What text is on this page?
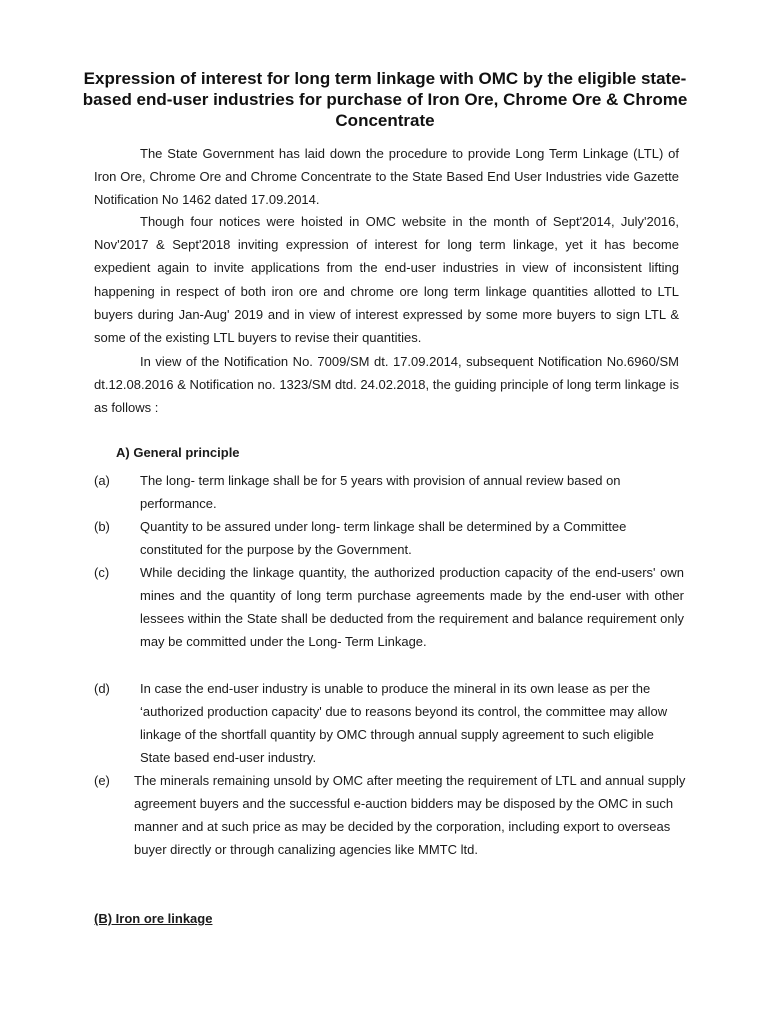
Expression of interest for long term linkage with OMC by the eligible state- based end-user industries for purchase of Iron Ore, Chrome Ore & Chrome Concentrate
The State Government has laid down the procedure to provide Long Term Linkage (LTL) of Iron Ore, Chrome Ore and Chrome Concentrate to the State Based End User Industries vide Gazette Notification No 1462 dated 17.09.2014.
Though four notices were hoisted in OMC website in the month of Sept'2014, July'2016, Nov'2017 & Sept'2018 inviting expression of interest for long term linkage, yet it has become expedient again to invite applications from the end-user industries in view of inconsistent lifting happening in respect of both iron ore and chrome ore long term linkage quantities allotted to LTL buyers during Jan-Aug' 2019 and in view of interest expressed by some more buyers to sign LTL & some of the existing LTL buyers to revise their quantities.
In view of the Notification No. 7009/SM dt. 17.09.2014, subsequent Notification No.6960/SM dt.12.08.2016 & Notification no. 1323/SM dtd. 24.02.2018, the guiding principle of long term linkage is as follows :
A) General principle
(a) The long- term linkage shall be for 5 years with provision of annual review based on performance.
(b) Quantity to be assured under long- term linkage shall be determined by a Committee constituted for the purpose by the Government.
(c) While deciding the linkage quantity, the authorized production capacity of the end-users' own mines and the quantity of long term purchase agreements made by the end-user with other lessees within the State shall be deducted from the requirement and balance requirement only may be committed under the Long- Term Linkage.
(d) In case the end-user industry is unable to produce the mineral in its own lease as per the ‘authorized production capacity' due to reasons beyond its control, the committee may allow linkage of the shortfall quantity by OMC through annual supply agreement to such eligible State based end-user industry.
(e) The minerals remaining unsold by OMC after meeting the requirement of LTL and annual supply agreement buyers and the successful e-auction bidders may be disposed by the OMC in such manner and at such price as may be decided by the corporation, including export to overseas buyer directly or through canalizing agencies like MMTC ltd.
(B) Iron ore linkage
